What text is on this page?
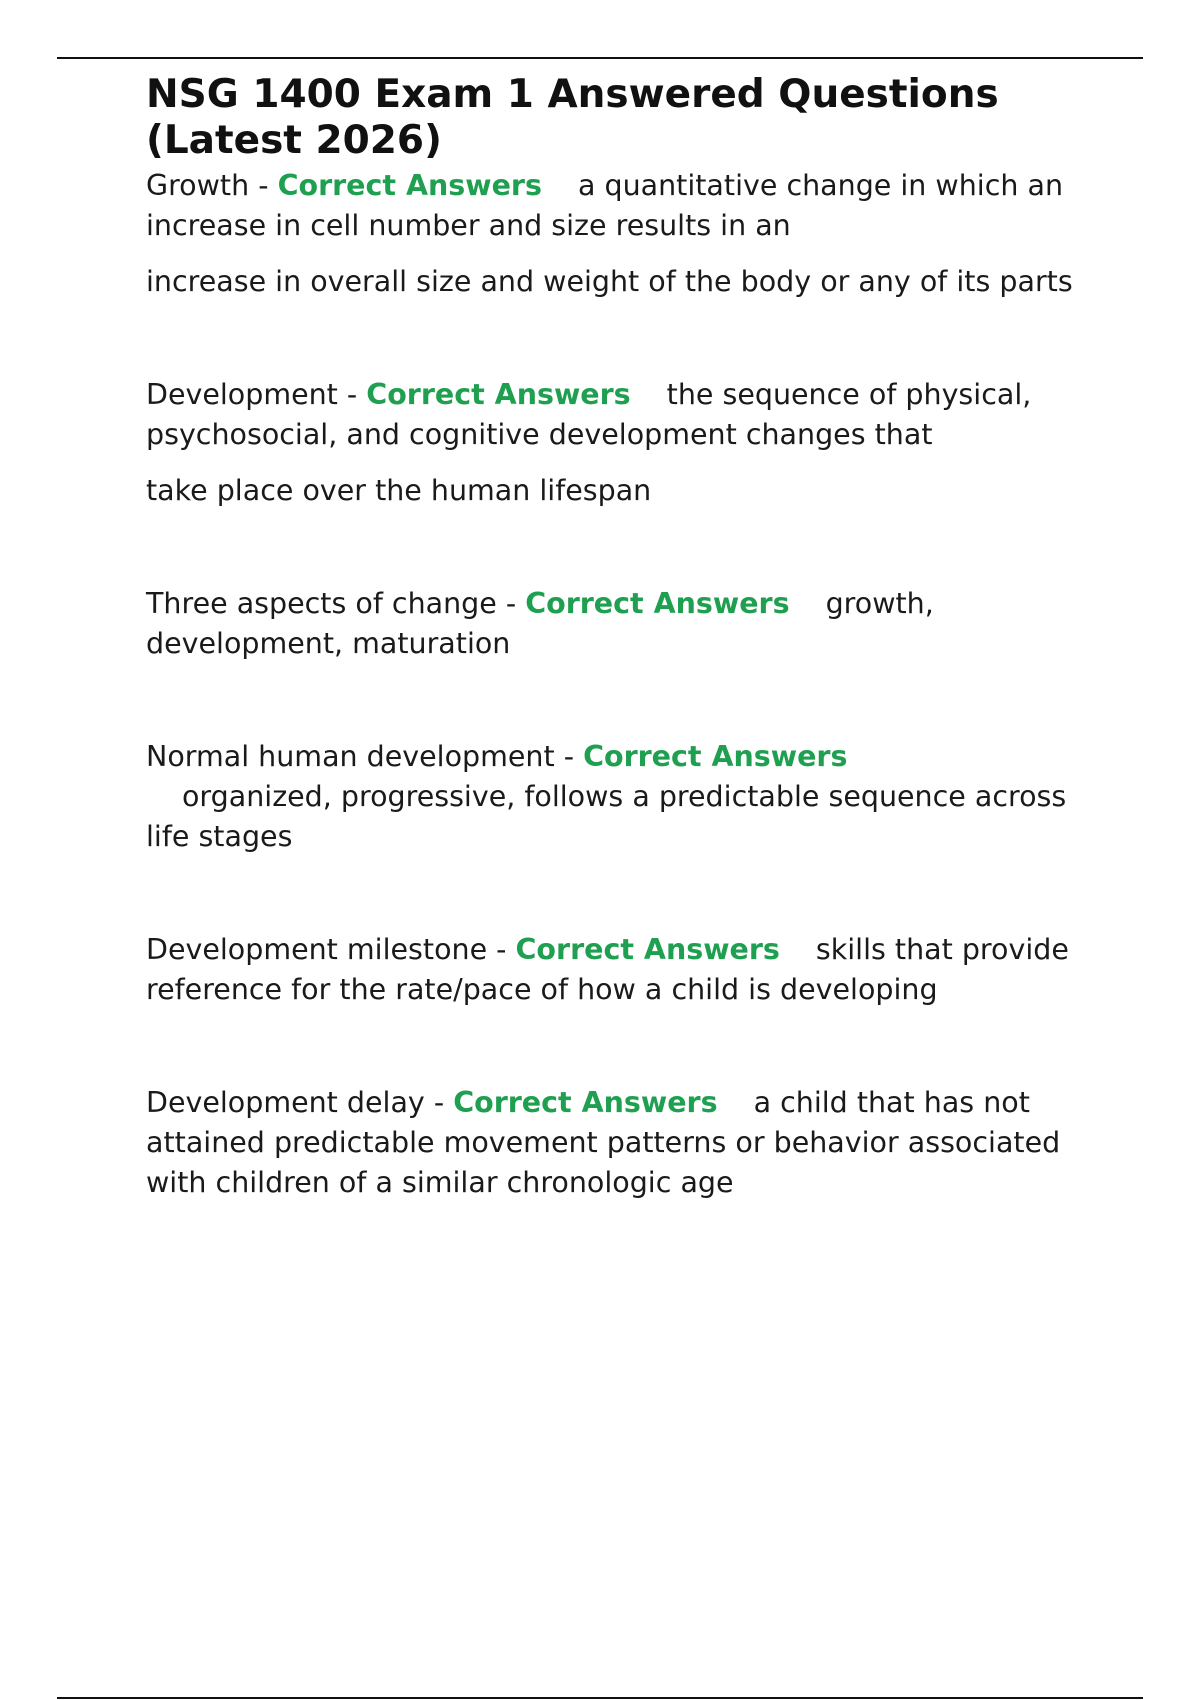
NSG 1400 Exam 1 Answered Questions (Latest 2026)

Growth - Correct Answers a quantitative change in which an increase in cell number and size results in an

increase in overall size and weight of the body or any of its parts

Development - Correct Answers the sequence of physical, psychosocial, and cognitive development changes that

take place over the human lifespan

Three aspects of change - Correct Answers growth, development, maturation

Normal human development - Correct Answers
organized, progressive, follows a predictable sequence across life stages

Development milestone - Correct Answers skills that provide reference for the rate/pace of how a child is developing

Development delay - Correct Answers a child that has not attained predictable movement patterns or behavior associated with children of a similar chronologic age
